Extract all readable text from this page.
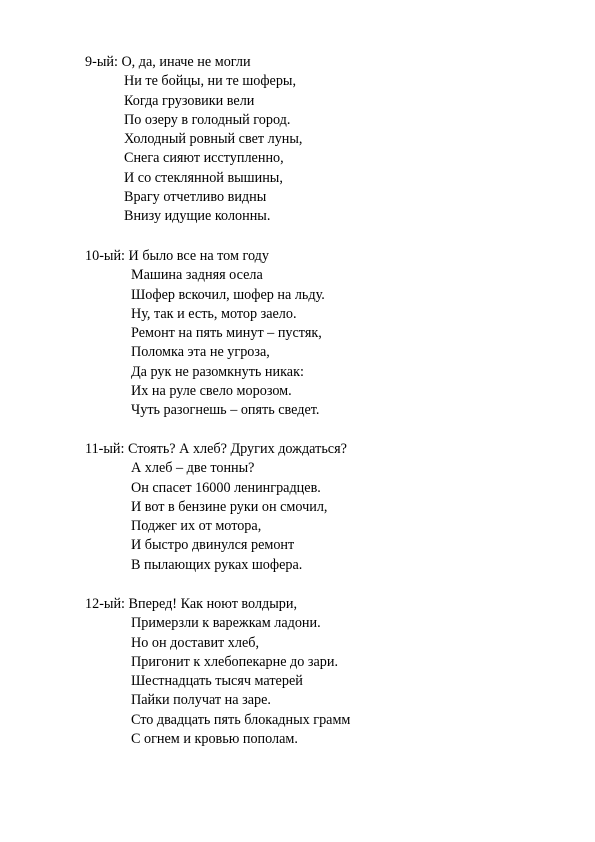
9-ый: О, да, иначе не могли
Ни те бойцы, ни те шоферы,
Когда грузовики вели
По озеру в голодный город.
Холодный ровный свет луны,
Снега сияют исступленно,
И со стеклянной вышины,
Врагу отчетливо видны
Внизу идущие колонны.
10-ый: И было все на том году
Машина задняя осела
Шофер вскочил, шофер на льду.
Ну, так и есть, мотор заело.
Ремонт на пять минут – пустяк,
Поломка эта не угроза,
Да рук не разомкнуть никак:
Их на руле свело морозом.
Чуть разогнешь – опять сведет.
11-ый: Стоять? А хлеб? Других дождаться?
А хлеб – две тонны?
Он спасет 16000 ленинградцев.
И вот в бензине руки он смочил,
Поджег их от мотора,
И быстро двинулся ремонт
В пылающих руках шофера.
12-ый: Вперед! Как ноют волдыри,
Примерзли к варежкам ладони.
Но он доставит хлеб,
Пригонит к хлебопекарне до зари.
Шестнадцать тысяч матерей
Пайки получат на заре.
Сто двадцать пять блокадных грамм
С огнем и кровью пополам.
